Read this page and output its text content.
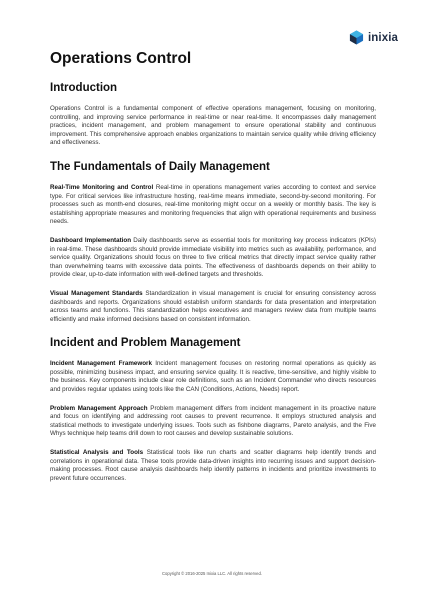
inixia
Operations Control
Introduction

Operations Control is a fundamental component of effective operations management, focusing on monitoring, controlling, and improving service performance in real-time or near real-time. It encompasses daily management practices, incident management, and problem management to ensure operational stability and continuous improvement. This comprehensive approach enables organizations to maintain service quality while driving efficiency and effectiveness.

The Fundamentals of Daily Management

Real-Time Monitoring and Control Real-time in operations management varies according to context and service type. For critical services like infrastructure hosting, real-time means immediate, second-by-second monitoring. For processes such as month-end closures, real-time monitoring might occur on a weekly or monthly basis. The key is establishing appropriate measures and monitoring frequencies that align with operational requirements and business needs.

Dashboard Implementation Daily dashboards serve as essential tools for monitoring key process indicators (KPIs) in real-time. These dashboards should provide immediate visibility into metrics such as availability, performance, and service quality. Organizations should focus on three to five critical metrics that directly impact service quality rather than overwhelming teams with excessive data points. The effectiveness of dashboards depends on their ability to provide clear, up-to-date information with well-defined targets and thresholds.

Visual Management Standards Standardization in visual management is crucial for ensuring consistency across dashboards and reports. Organizations should establish uniform standards for data presentation and interpretation across teams and functions. This standardization helps executives and managers review data from multiple teams efficiently and make informed decisions based on consistent information.

Incident and Problem Management

Incident Management Framework Incident management focuses on restoring normal operations as quickly as possible, minimizing business impact, and ensuring service quality. It is reactive, time-sensitive, and highly visible to the business. Key components include clear role definitions, such as an Incident Commander who directs resources and provides regular updates using tools like the CAN (Conditions, Actions, Needs) report.

Problem Management Approach Problem management differs from incident management in its proactive nature and focus on identifying and addressing root causes to prevent recurrence. It employs structured analysis and statistical methods to investigate underlying issues. Tools such as fishbone diagrams, Pareto analysis, and the Five Whys technique help teams drill down to root causes and develop sustainable solutions.

Statistical Analysis and Tools Statistical tools like run charts and scatter diagrams help identify trends and correlations in operational data. These tools provide data-driven insights into recurring issues and support decision-making processes. Root cause analysis dashboards help identify patterns in incidents and prioritize investments to prevent future occurrences.

Copyright © 2016-2025 Inixia LLC. All rights reserved.
